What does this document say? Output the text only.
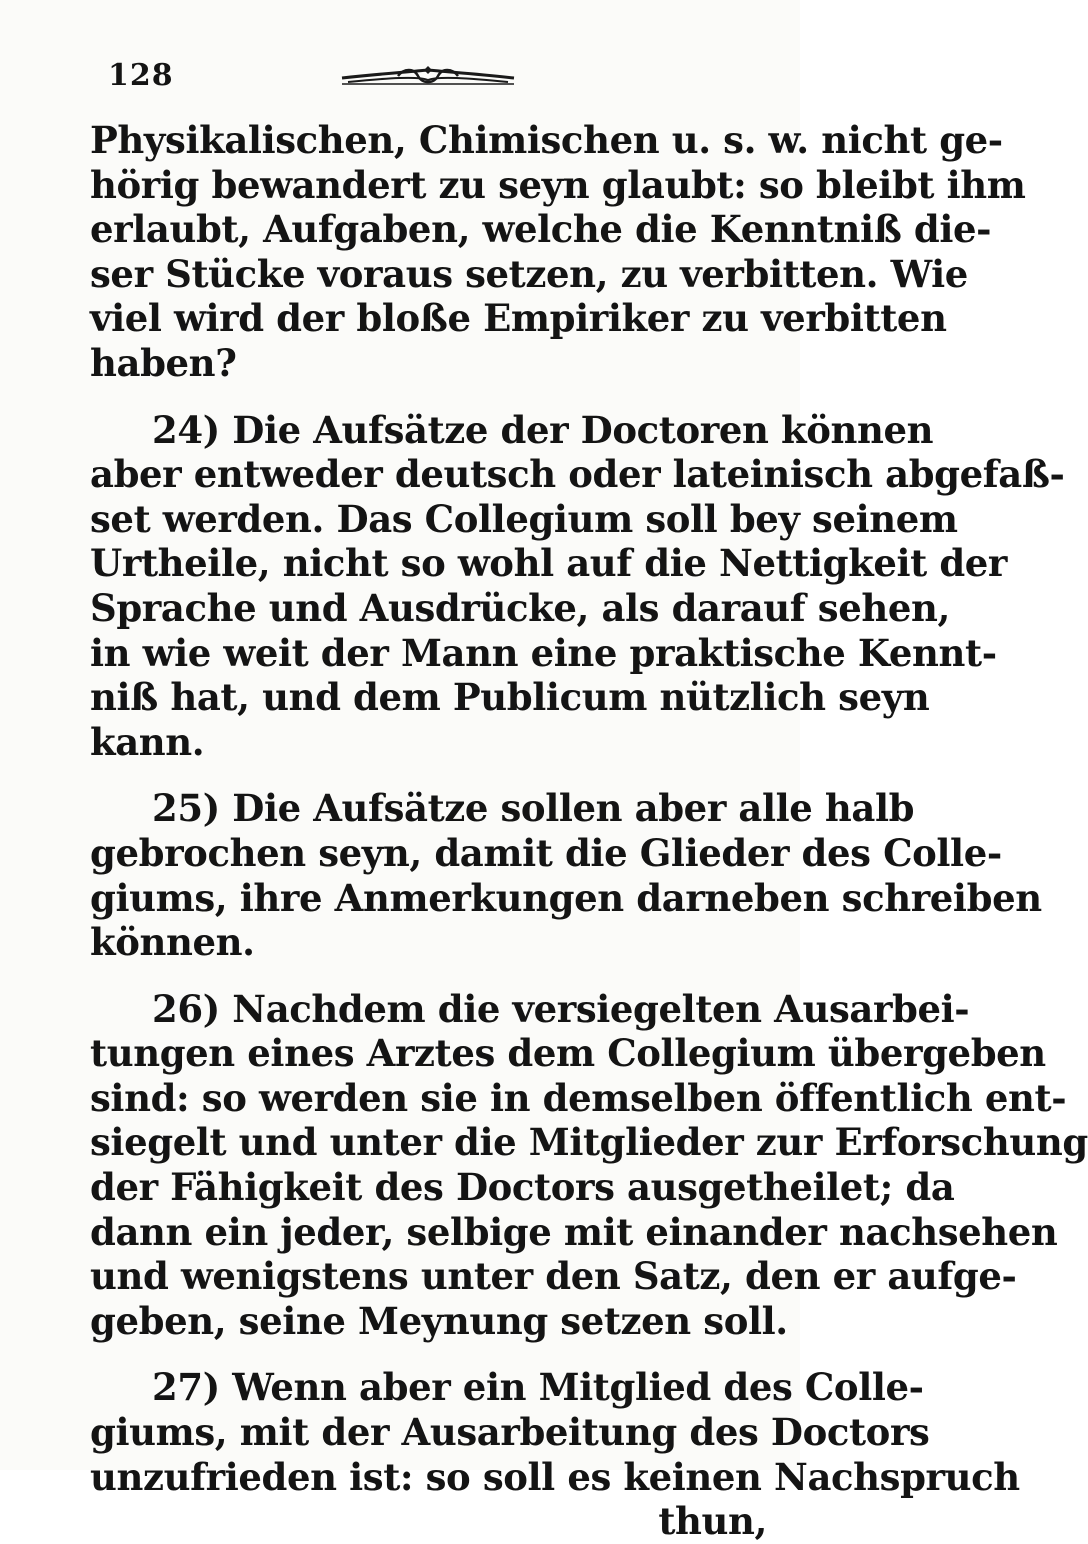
128
Physikalischen, Chimischen u. s. w. nicht ge-
hörig bewandert zu seyn glaubt: so bleibt ihm
erlaubt, Aufgaben, welche die Kenntniß die-
ser Stücke voraus setzen, zu verbitten. Wie
viel wird der bloße Empiriker zu verbitten
haben?
24) Die Aufsätze der Doctoren können
aber entweder deutsch oder lateinisch abgefaß-
set werden. Das Collegium soll bey seinem
Urtheile, nicht so wohl auf die Nettigkeit der
Sprache und Ausdrücke, als darauf sehen,
in wie weit der Mann eine praktische Kennt-
niß hat, und dem Publicum nützlich seyn
kann.
25) Die Aufsätze sollen aber alle halb
gebrochen seyn, damit die Glieder des Colle-
giums, ihre Anmerkungen darneben schreiben
können.
26) Nachdem die versiegelten Ausarbei-
tungen eines Arztes dem Collegium übergeben
sind: so werden sie in demselben öffentlich ent-
siegelt und unter die Mitglieder zur Erforschung
der Fähigkeit des Doctors ausgetheilet; da
dann ein jeder, selbige mit einander nachsehen
und wenigstens unter den Satz, den er aufge-
geben, seine Meynung setzen soll.
27) Wenn aber ein Mitglied des Colle-
giums, mit der Ausarbeitung des Doctors
unzufrieden ist: so soll es keinen Nachspruch
thun,
